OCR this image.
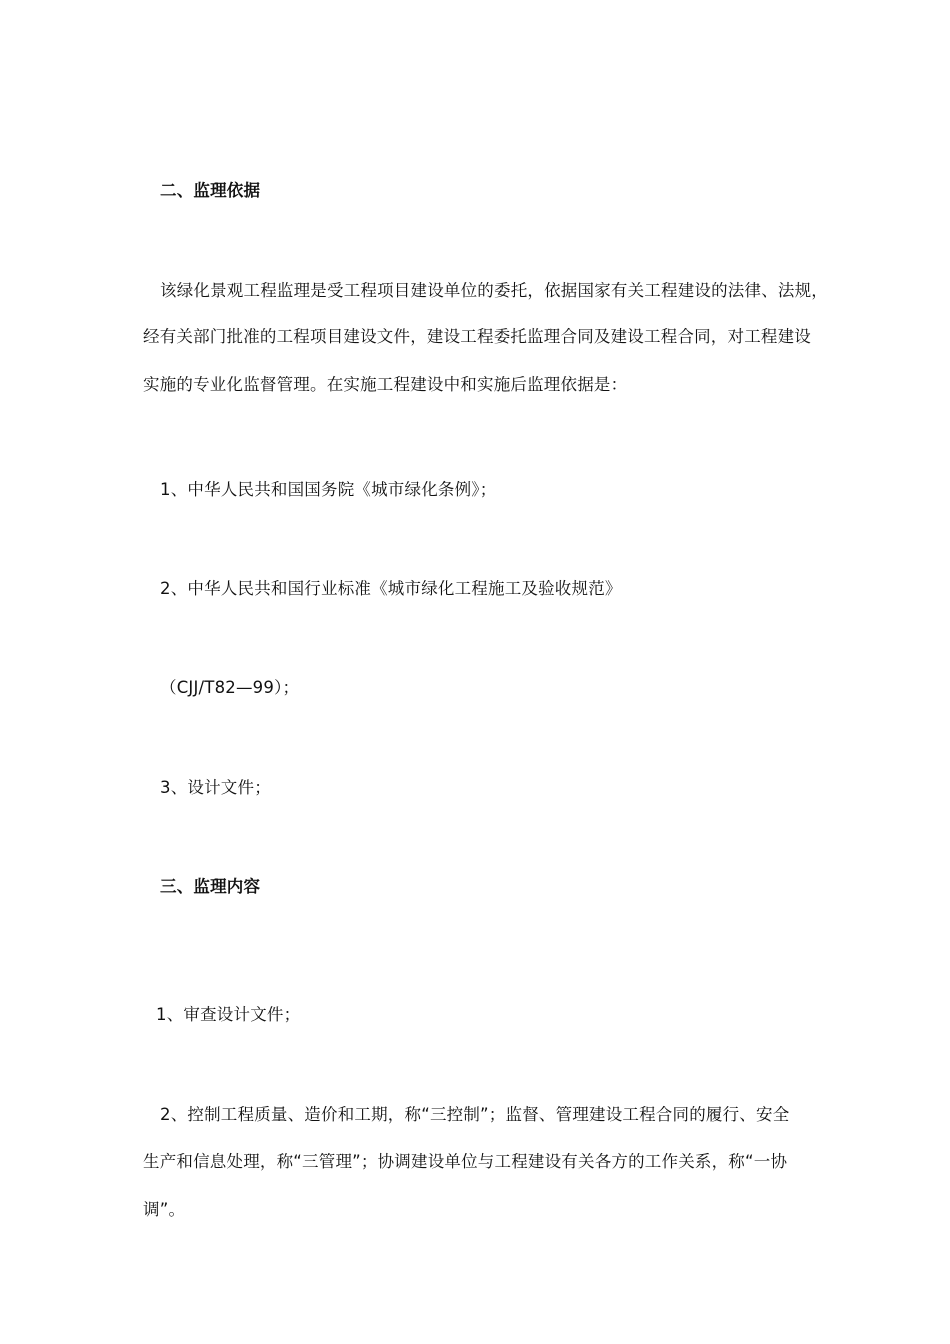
二、监理依据
该绿化景观工程监理是受工程项目建设单位的委托，依据国家有关工程建设的法律、法规，
经有关部门批准的工程项目建设文件，建设工程委托监理合同及建设工程合同，对工程建设
实施的专业化监督管理。在实施工程建设中和实施后监理依据是：
1、中华人民共和国国务院《城市绿化条例》；
2、中华人民共和国行业标准《城市绿化工程施工及验收规范》
（CJJ/T82—99）；
3、设计文件；
三、监理内容
1、审查设计文件；
2、控制工程质量、造价和工期，称“三控制”；监督、管理建设工程合同的履行、安全
生产和信息处理，称“三管理”；协调建设单位与工程建设有关各方的工作关系，称“一协
调”。
